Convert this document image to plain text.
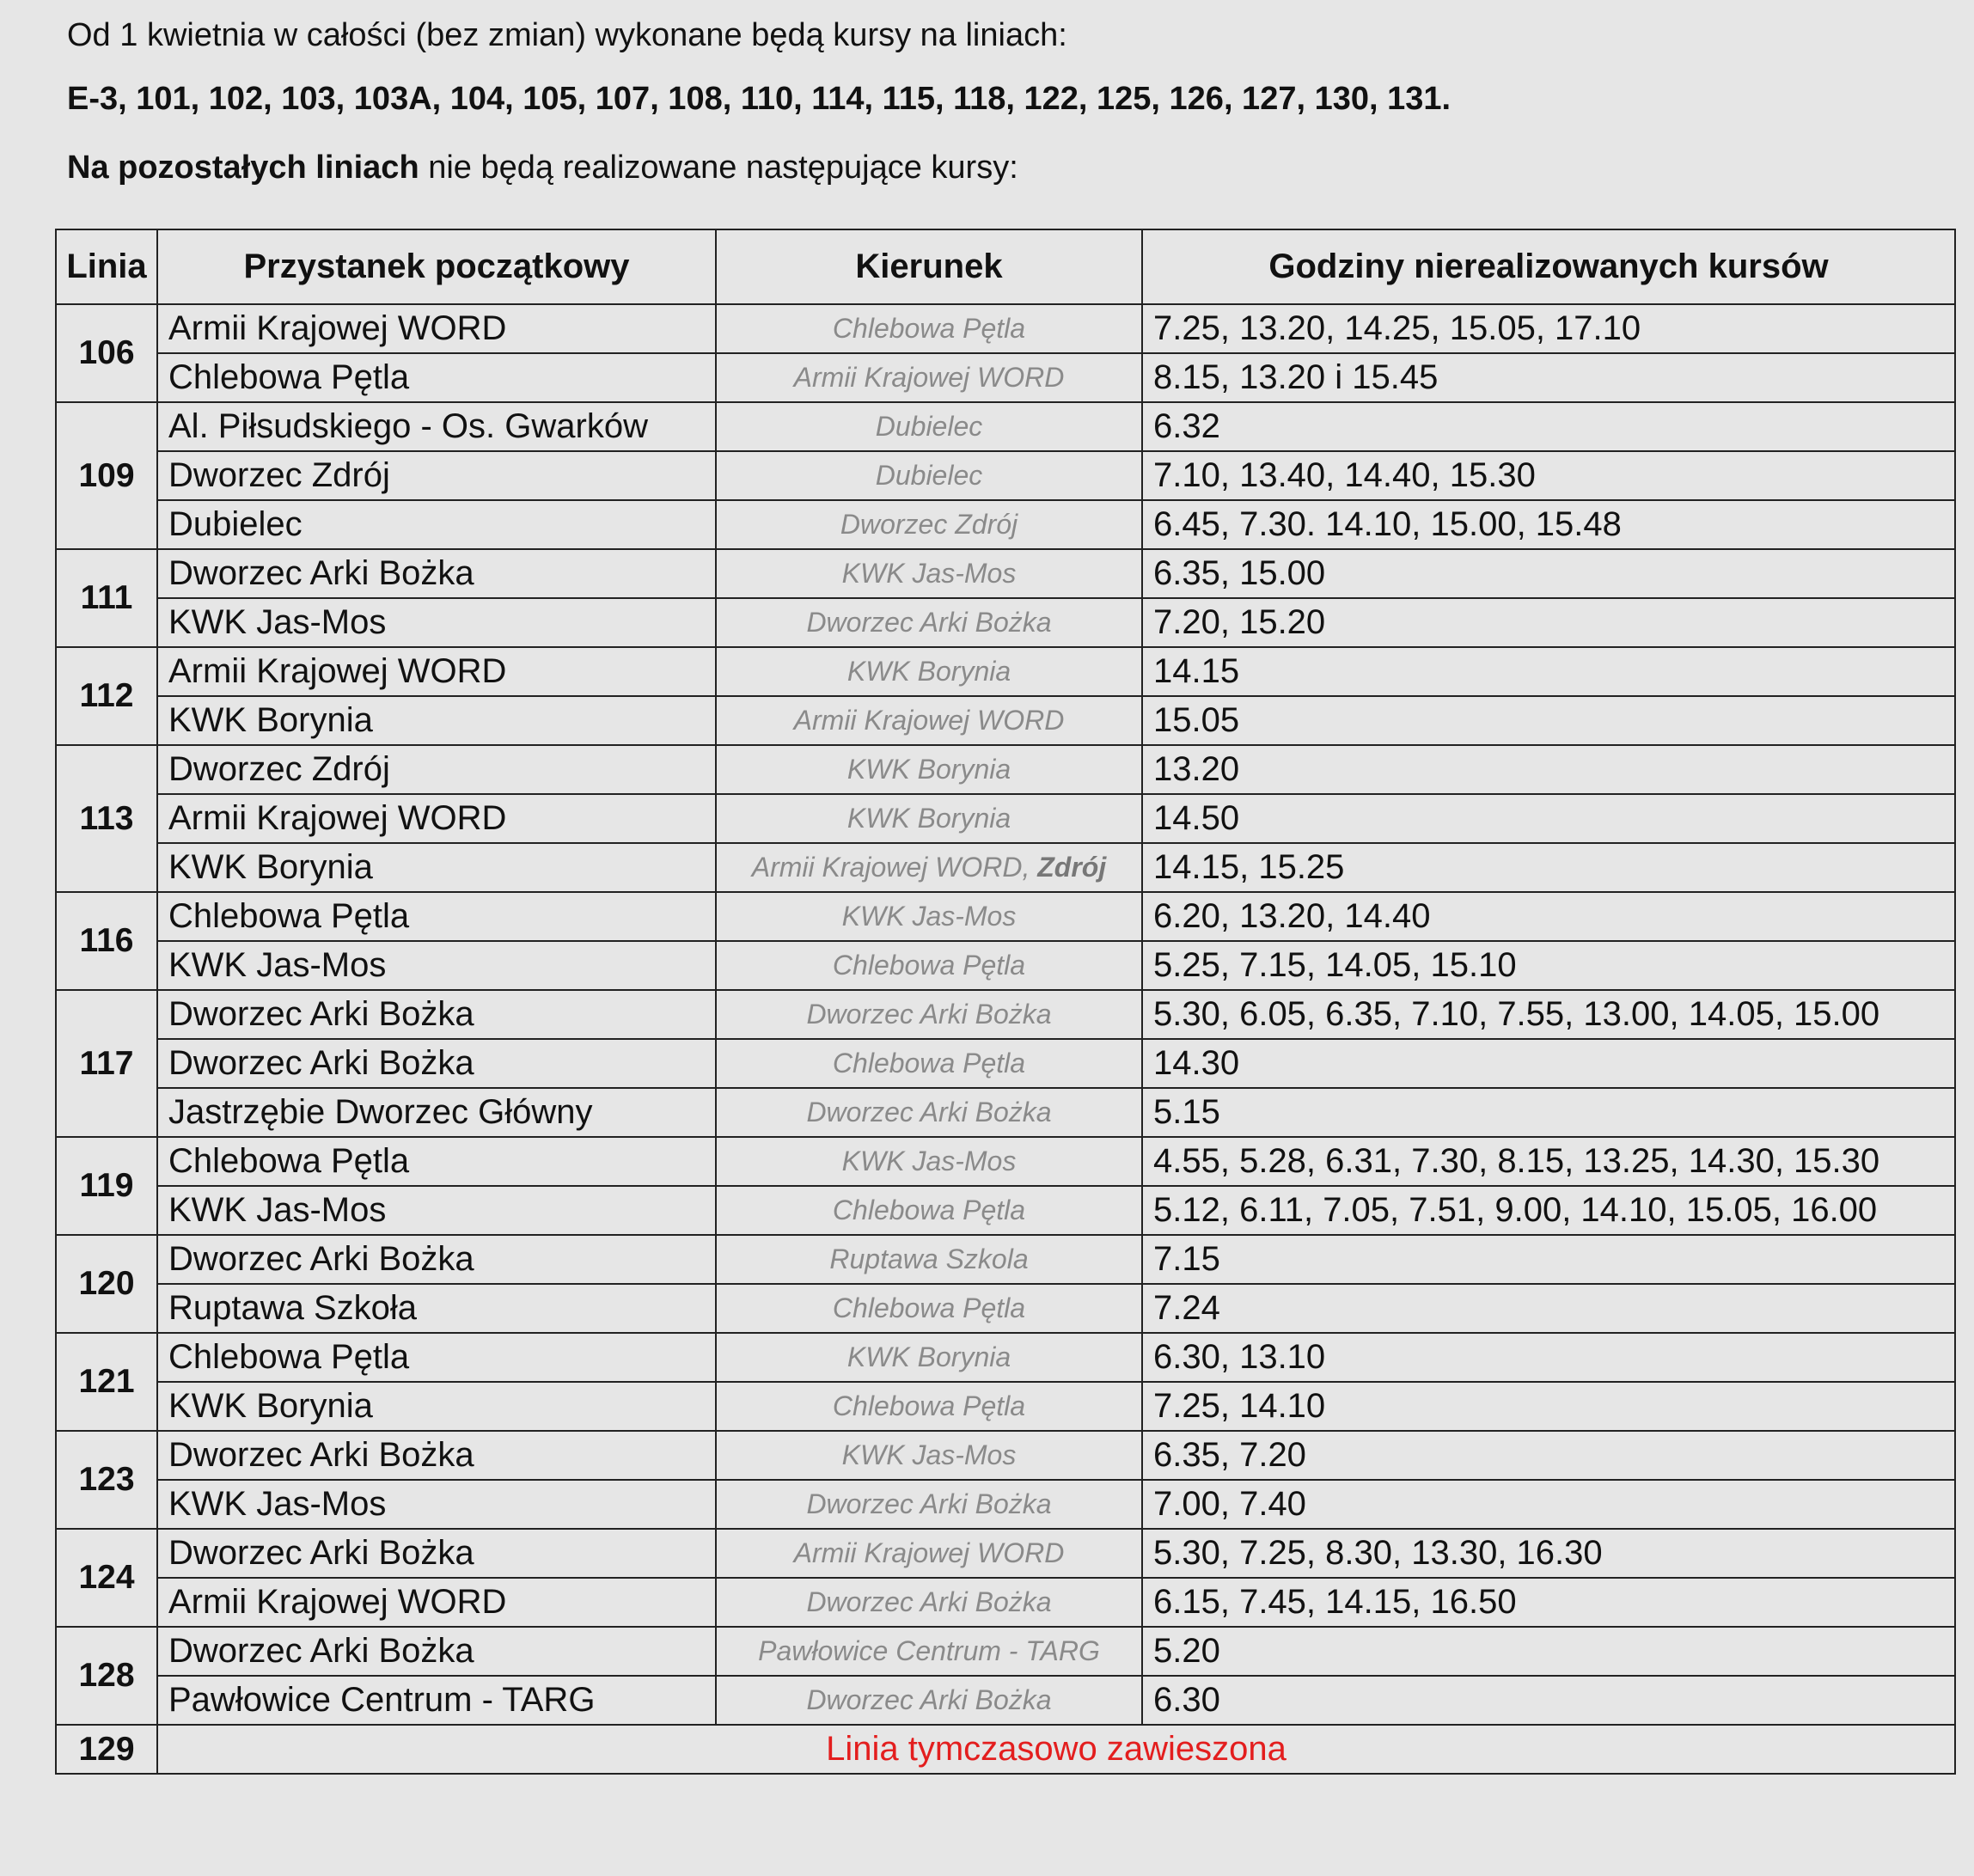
Od 1 kwietnia w całości (bez zmian) wykonane będą kursy na liniach:
E-3, 101, 102, 103, 103A, 104, 105, 107, 108, 110, 114, 115, 118, 122, 125, 126, 127, 130, 131.
Na pozostałych liniach nie będą realizowane następujące kursy:
Linia	Przystanek początkowy	Kierunek	Godziny nierealizowanych kursów
106	Armii Krajowej WORD	Chlebowa Pętla	7.25, 13.20, 14.25, 15.05, 17.10
	Chlebowa Pętla	Armii Krajowej WORD	8.15, 13.20 i 15.45
109	Al. Piłsudskiego - Os. Gwarków	Dubielec	6.32
	Dworzec Zdrój	Dubielec	7.10, 13.40, 14.40, 15.30
	Dubielec	Dworzec Zdrój	6.45, 7.30. 14.10, 15.00, 15.48
111	Dworzec Arki Bożka	KWK Jas-Mos	6.35, 15.00
	KWK Jas-Mos	Dworzec Arki Bożka	7.20, 15.20
112	Armii Krajowej WORD	KWK Borynia	14.15
	KWK Borynia	Armii Krajowej WORD	15.05
113	Dworzec Zdrój	KWK Borynia	13.20
	Armii Krajowej WORD	KWK Borynia	14.50
	KWK Borynia	Armii Krajowej WORD, Zdrój	14.15, 15.25
116	Chlebowa Pętla	KWK Jas-Mos	6.20, 13.20, 14.40
	KWK Jas-Mos	Chlebowa Pętla	5.25, 7.15, 14.05, 15.10
117	Dworzec Arki Bożka	Dworzec Arki Bożka	5.30, 6.05, 6.35, 7.10, 7.55, 13.00, 14.05, 15.00
	Dworzec Arki Bożka	Chlebowa Pętla	14.30
	Jastrzębie Dworzec Główny	Dworzec Arki Bożka	5.15
119	Chlebowa Pętla	KWK Jas-Mos	4.55, 5.28, 6.31, 7.30, 8.15, 13.25, 14.30, 15.30
	KWK Jas-Mos	Chlebowa Pętla	5.12, 6.11, 7.05, 7.51, 9.00, 14.10, 15.05, 16.00
120	Dworzec Arki Bożka	Ruptawa Szkola	7.15
	Ruptawa Szkoła	Chlebowa Pętla	7.24
121	Chlebowa Pętla	KWK Borynia	6.30, 13.10
	KWK Borynia	Chlebowa Pętla	7.25, 14.10
123	Dworzec Arki Bożka	KWK Jas-Mos	6.35, 7.20
	KWK Jas-Mos	Dworzec Arki Bożka	7.00, 7.40
124	Dworzec Arki Bożka	Armii Krajowej WORD	5.30, 7.25, 8.30, 13.30, 16.30
	Armii Krajowej WORD	Dworzec Arki Bożka	6.15, 7.45, 14.15, 16.50
128	Dworzec Arki Bożka	Pawłowice Centrum - TARG	5.20
	Pawłowice Centrum - TARG	Dworzec Arki Bożka	6.30
129	Linia tymczasowo zawieszona		
